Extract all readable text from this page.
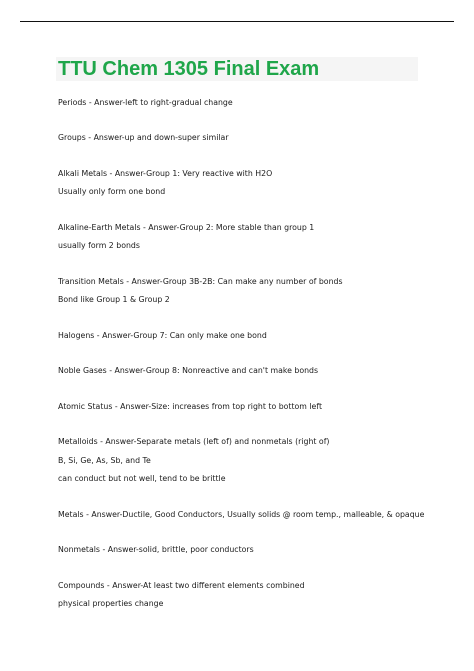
TTU Chem 1305 Final Exam

Periods - Answer-left to right-gradual change

Groups - Answer-up and down-super similar

Alkali Metals - Answer-Group 1: Very reactive with H2O

Usually only form one bond

Alkaline-Earth Metals - Answer-Group 2: More stable than group 1

usually form 2 bonds

Transition Metals - Answer-Group 3B-2B: Can make any number of bonds

Bond like Group 1 & Group 2

Halogens - Answer-Group 7: Can only make one bond

Noble Gases - Answer-Group 8: Nonreactive and can't make bonds

Atomic Status - Answer-Size: increases from top right to bottom left

Metalloids - Answer-Separate metals (left of) and nonmetals (right of)

B, Si, Ge, As, Sb, and Te

can conduct but not well, tend to be brittle

Metals - Answer-Ductile, Good Conductors, Usually solids @ room temp., malleable, & opaque

Nonmetals - Answer-solid, brittle, poor conductors

Compounds - Answer-At least two different elements combined

physical properties change
